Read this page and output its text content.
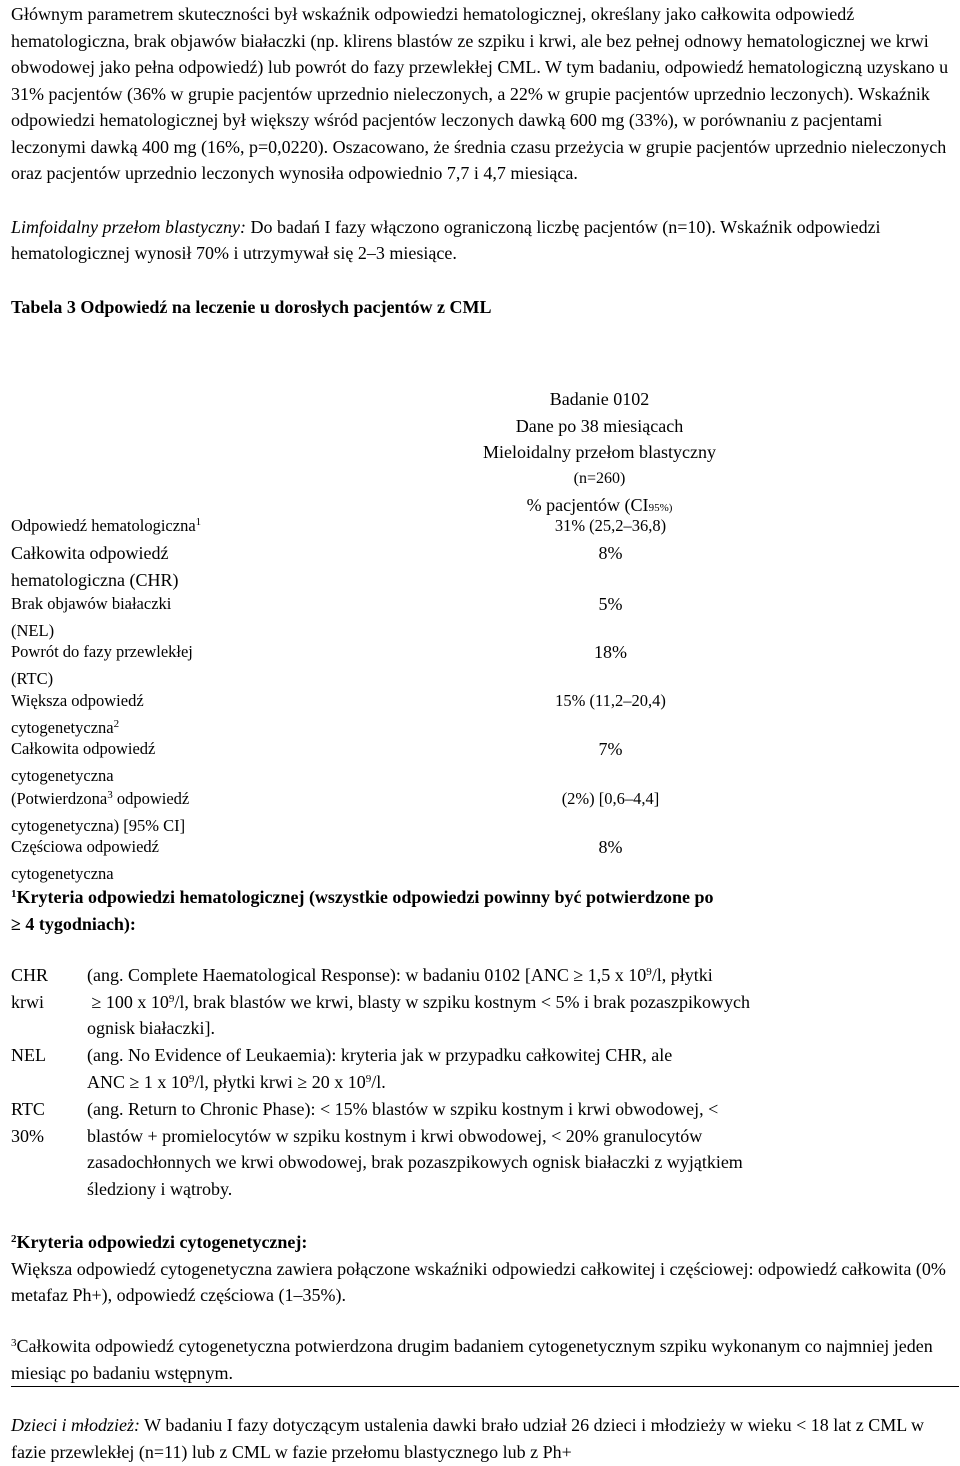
Głównym parametrem skuteczności był wskaźnik odpowiedzi hematologicznej, określany jako całkowita odpowiedź hematologiczna, brak objawów białaczki (np. klirens blastów ze szpiku i krwi, ale bez pełnej odnowy hematologicznej we krwi obwodowej jako pełna odpowiedź) lub powrót do fazy przewlekłej CML. W tym badaniu, odpowiedź hematologiczną uzyskano u 31% pacjentów (36% w grupie pacjentów uprzednio nieleczonych, a 22% w grupie pacjentów uprzednio leczonych). Wskaźnik odpowiedzi hematologicznej był większy wśród pacjentów leczonych dawką 600 mg (33%), w porównaniu z pacjentami leczonymi dawką 400 mg (16%, p=0,0220). Oszacowano, że średnia czasu przeżycia w grupie pacjentów uprzednio nieleczonych oraz pacjentów uprzednio leczonych wynosiła odpowiednio 7,7 i 4,7 miesiąca.

Limfoidalny przełom blastyczny: Do badań I fazy włączono ograniczoną liczbę pacjentów (n=10). Wskaźnik odpowiedzi hematologicznej wynosił 70% i utrzymywał się 2–3 miesiące.

Tabela 3 Odpowiedź na leczenie u dorosłych pacjentów z CML

Badanie 0102
Dane po 38 miesiącach
Mieloidalny przełom blastyczny
(n=260)
% pacjentów (CI95%)
Odpowiedź hematologiczna$^1$	31% (25,2–36,8)
Całkowita odpowiedź
hematologiczna (CHR)
8%
Brak objawów białaczki
(NEL)
5%
Powrót do fazy przewlekłej
(RTC)
18%
Większa odpowiedź
cytogenetyczna$^2$
15% (11,2–20,4)
Całkowita odpowiedź
cytogenetyczna
7%
(Potwierdzona$^3$ odpowiedź
cytogenetyczna) [95% CI]
(2%) [0,6–4,4]
Częściowa odpowiedź
cytogenetyczna
8%
$^1$Kryteria odpowiedzi hematologicznej (wszystkie odpowiedzi powinny być potwierdzone po
≥ 4 tygodniach):
CHR
krwi
(ang. Complete Haematological Response): w badaniu 0102 [ANC ≥ 1,5 x $10^9/l$, płytki
≥ 100 x $10^9/l$, brak blastów we krwi, blasty w szpiku kostnym < 5% i brak pozaszpikowych
ognisk białaczki].
NEL	(ang. No Evidence of Leukaemia): kryteria jak w przypadku całkowitej CHR, ale
ANC ≥ 1 x $10^9/l$, płytki krwi ≥ 20 x $10^9/l$.
RTC
30%
(ang. Return to Chronic Phase): < 15% blastów w szpiku kostnym i krwi obwodowej, <
blastów + promielocytów w szpiku kostnym i krwi obwodowej, < 20% granulocytów
zasadochłonnych we krwi obwodowej, brak pozaszpikowych ognisk białaczki z wyjątkiem
śledziony i wątroby.
$^2$Kryteria odpowiedzi cytogenetycznej:
Większa odpowiedź cytogenetyczna zawiera połączone wskaźniki odpowiedzi całkowitej i częściowej: odpowiedź całkowita (0% metafaz Ph+), odpowiedź częściowa (1–35%).
$^3$Całkowita odpowiedź cytogenetyczna potwierdzona drugim badaniem cytogenetycznym szpiku wykonanym co najmniej jeden miesiąc po badaniu wstępnym.
Dzieci i młodzież: W badaniu I fazy dotyczącym ustalenia dawki brało udział 26 dzieci i młodzieży w wieku < 18 lat z CML w fazie przewlekłej (n=11) lub z CML w fazie przełomu blastycznego lub z Ph+
